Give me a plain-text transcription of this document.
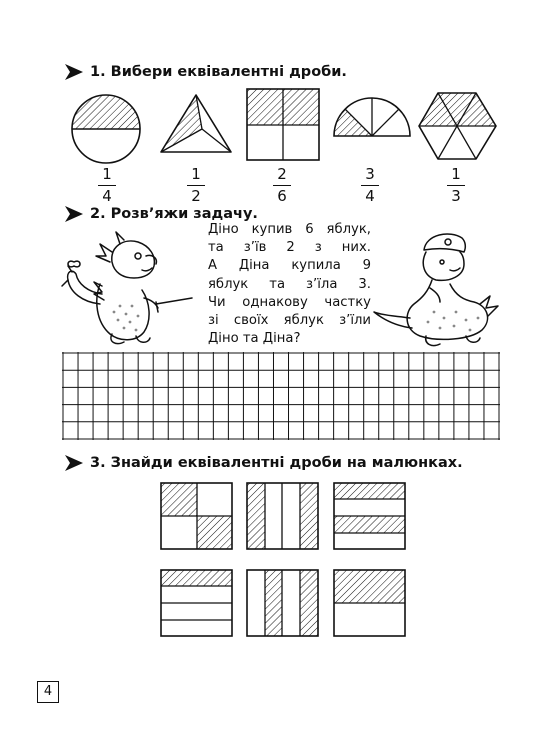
1. Вибери еквівалентні дроби.
1
4
1
2
2
6
3
4
1
3
2. Розв’яжи задачу.
Діно купив 6 яблук,
та з’їв 2 з них.
А Діна купила 9
яблук та з’їла 3.
Чи однакову частку
зі своїх яблук з’їли
Діно та Діна?
3. Знайди еквівалентні дроби на малюнках.
4
